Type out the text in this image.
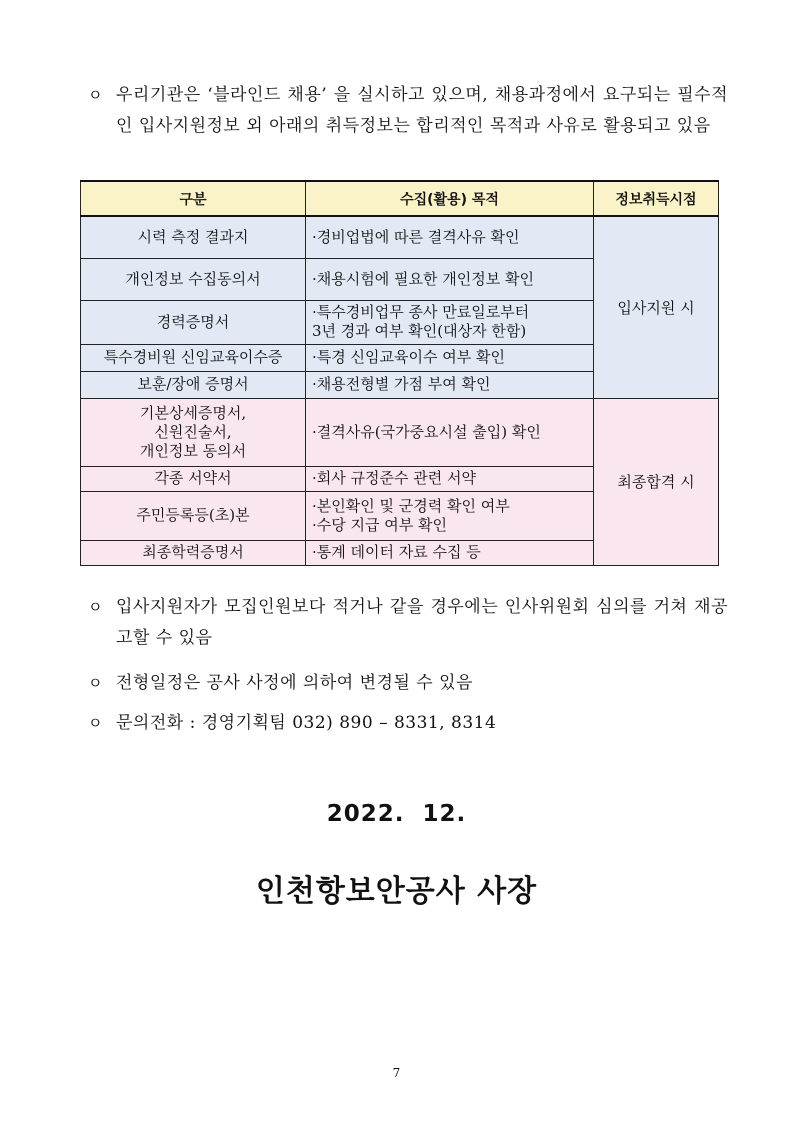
ㅇ 우리기관은 ‘블라인드 채용’ 을 실시하고 있으며, 채용과정에서 요구되는 필수적인 입사지원정보 외 아래의 취득정보는 합리적인 목적과 사유로 활용되고 있음
구분	수집(활용) 목적	정보취득시점
시력 측정 결과지	·경비업법에 따른 결격사유 확인	입사지원 시
개인정보 수집동의서	·채용시험에 필요한 개인정보 확인	
경력증명서	·특수경비업무 종사 만료일로부터
3년 경과 여부 확인(대상자 한함)	
특수경비원 신임교육이수증	·특경 신임교육이수 여부 확인	
보훈/장애 증명서	·채용전형별 가점 부여 확인	
기본상세증명서,
신원진술서,
개인정보 동의서	·결격사유(국가중요시설 출입) 확인	최종합격 시
각종 서약서	·회사 규정준수 관련 서약	
주민등록등(초)본	·본인확인 및 군경력 확인 여부
·수당 지급 여부 확인	
최종학력증명서	·통계 데이터 자료 수집 등	
ㅇ 입사지원자가 모집인원보다 적거나 같을 경우에는 인사위원회 심의를 거쳐 재공고할 수 있음
ㅇ 전형일정은 공사 사정에 의하여 변경될 수 있음
ㅇ 문의전화 : 경영기획팀 032) 890 – 8331, 8314
2022.  12.
인천항보안공사 사장
7
